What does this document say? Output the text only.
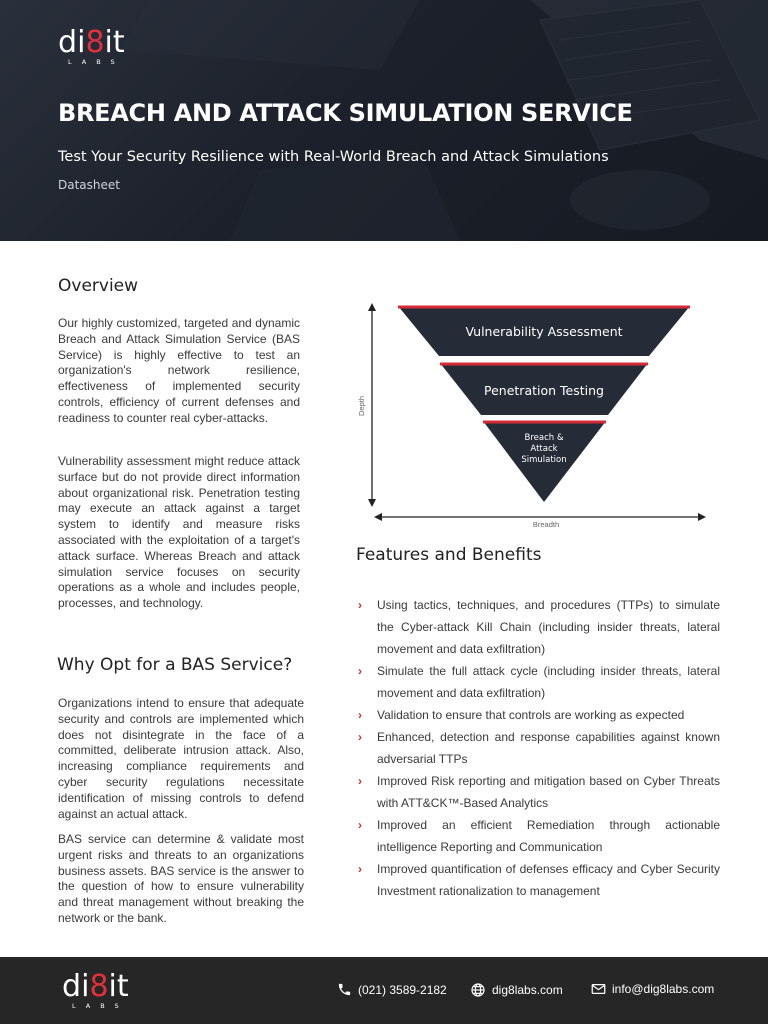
di8it
LABS
BREACH AND ATTACK SIMULATION SERVICE
Test Your Security Resilience with Real-World Breach and Attack Simulations
Datasheet
Overview
Our highly customized, targeted and dynamic Breach and Attack Simulation Service (BAS Service) is highly effective to test an organization's network resilience, effectiveness of implemented security controls, efficiency of current defenses and readiness to counter real cyber-attacks.
Vulnerability assessment might reduce attack surface but do not provide direct information about organizational risk. Penetration testing may execute an attack against a target system to identify and measure risks associated with the exploitation of a target's attack surface. Whereas Breach and attack simulation service focuses on security operations as a whole and includes people, processes, and technology.
Why Opt for a BAS Service?
Organizations intend to ensure that adequate security and controls are implemented which does not disintegrate in the face of a committed, deliberate intrusion attack. Also, increasing compliance requirements and cyber security regulations necessitate identification of missing controls to defend against an actual attack.
BAS service can determine & validate most urgent risks and threats to an organizations business assets. BAS service is the answer to the question of how to ensure vulnerability and threat management without breaking the network or the bank.
Depth
Breadth
Vulnerability Assessment
Penetration Testing
Breach &
Attack
Simulation
Features and Benefits
› Using tactics, techniques, and procedures (TTPs) to simulate the Cyber-attack Kill Chain (including insider threats, lateral movement and data exfiltration)
› Simulate the full attack cycle (including insider threats, lateral movement and data exfiltration)
› Validation to ensure that controls are working as expected
› Enhanced, detection and response capabilities against known adversarial TTPs
› Improved Risk reporting and mitigation based on Cyber Threats with ATT&CK™-Based Analytics
› Improved an efficient Remediation through actionable intelligence Reporting and Communication
› Improved quantification of defenses efficacy and Cyber Security Investment rationalization to management
di8it
LABS
(021) 3589-2182	dig8labs.com	info@dig8labs.com
